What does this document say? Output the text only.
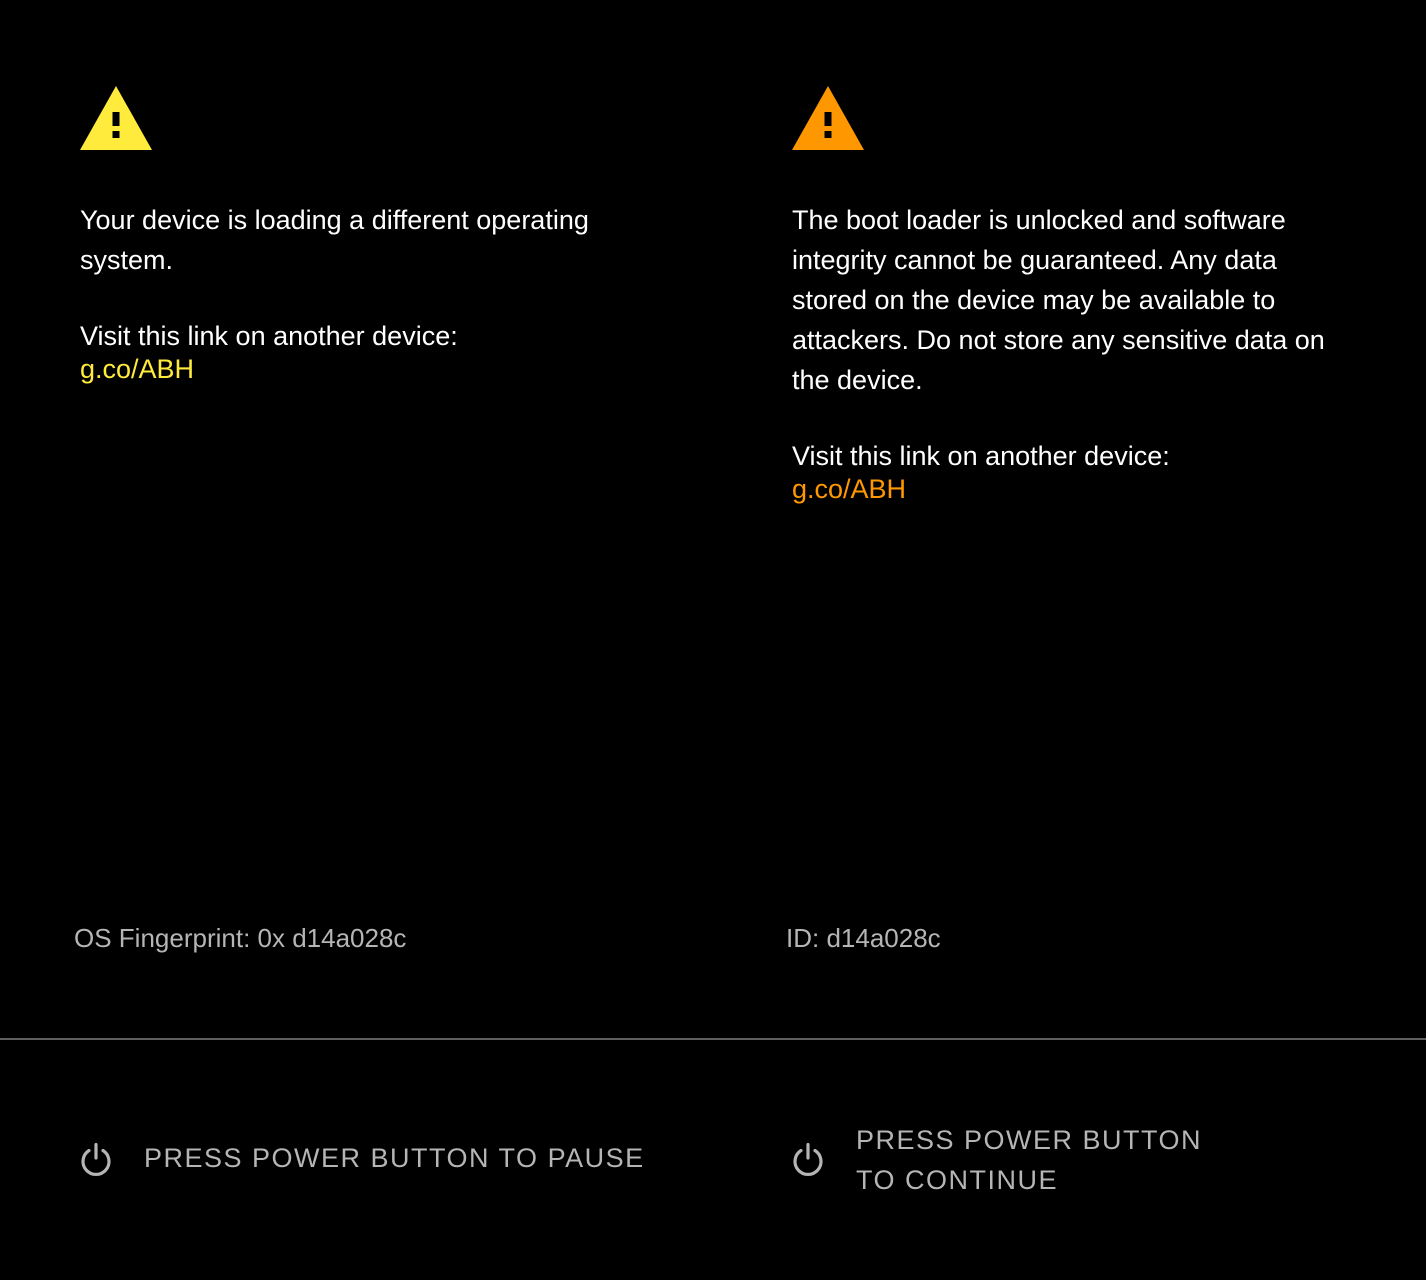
Your device is loading a different operating
system.

Visit this link on another device:
g.co/ABH
OS Fingerprint: 0x d14a028c

The boot loader is unlocked and software
integrity cannot be guaranteed. Any data
stored on the device may be available to
attackers. Do not store any sensitive data on
the device.

Visit this link on another device:
g.co/ABH
ID: d14a028c
PRESS POWER BUTTON TO PAUSE
PRESS POWER BUTTON
TO CONTINUE
